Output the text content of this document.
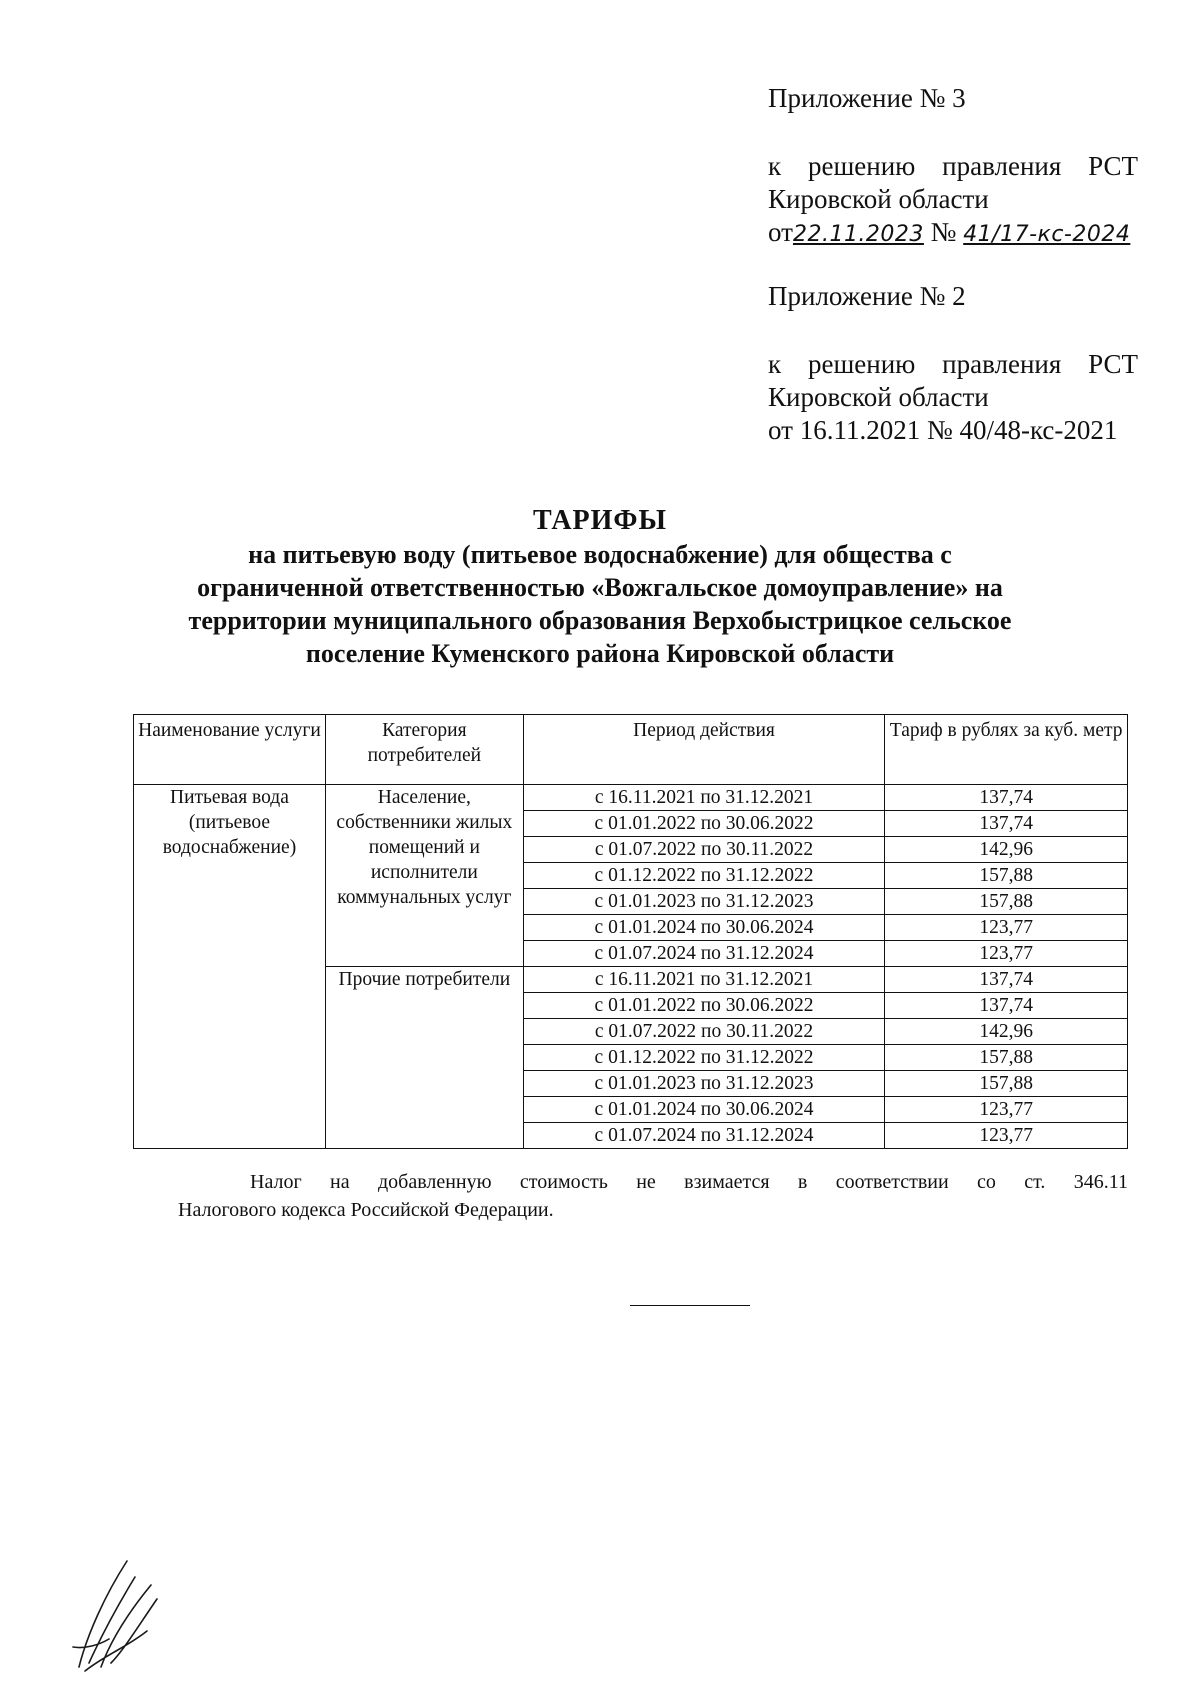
Приложение № 3
к решению правления РСТ
Кировской области
от22.11.2023 № 41/17-кс-2024
Приложение № 2
к решению правления РСТ
Кировской области
от 16.11.2021 № 40/48-кс-2021
ТАРИФЫ
на питьевую воду (питьевое водоснабжение) для общества с
ограниченной ответственностью «Вожгальское домоуправление» на
территории муниципального образования Верхобыстрицкое сельское
поселение Куменского района Кировской области
Наименование услуги	Категория потребителей	Период действия	Тариф в рублях за куб. метр
Питьевая вода (питьевое водоснабжение)	Население, собственники жилых помещений и исполнители коммунальных услуг	с 16.11.2021 по 31.12.2021	137,74
		с 01.01.2022 по 30.06.2022	137,74
		с 01.07.2022 по 30.11.2022	142,96
		с 01.12.2022 по 31.12.2022	157,88
		с 01.01.2023 по 31.12.2023	157,88
		с 01.01.2024 по 30.06.2024	123,77
		с 01.07.2024 по 31.12.2024	123,77
	Прочие потребители	с 16.11.2021 по 31.12.2021	137,74
		с 01.01.2022 по 30.06.2022	137,74
		с 01.07.2022 по 30.11.2022	142,96
		с 01.12.2022 по 31.12.2022	157,88
		с 01.01.2023 по 31.12.2023	157,88
		с 01.01.2024 по 30.06.2024	123,77
		с 01.07.2024 по 31.12.2024	123,77
Налог на добавленную стоимость не взимается в соответствии со ст. 346.11
Налогового кодекса Российской Федерации.
